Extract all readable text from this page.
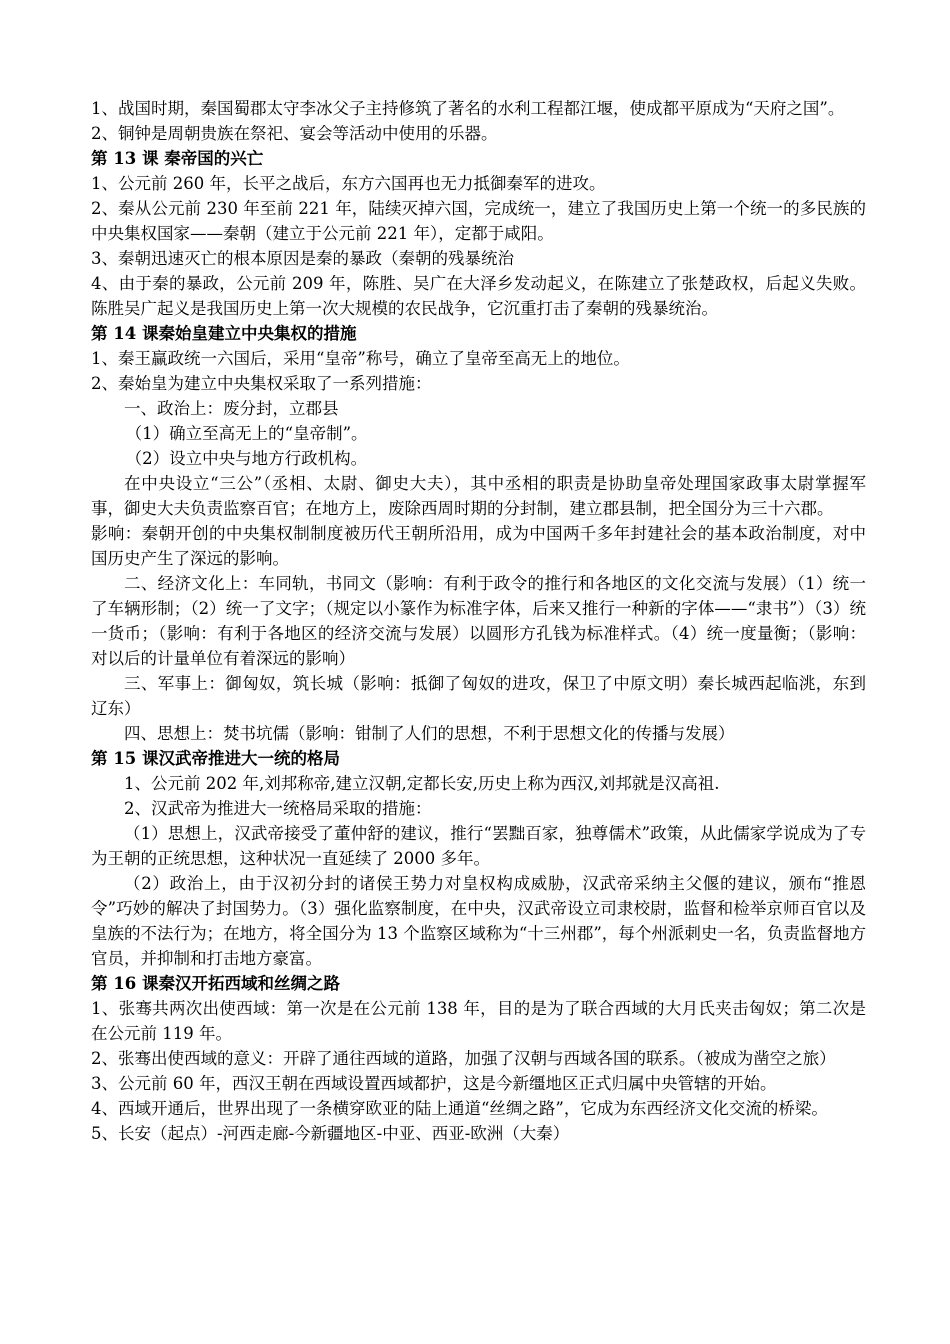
1、战国时期，秦国蜀郡太守李冰父子主持修筑了著名的水利工程都江堰，使成都平原成为“天府之国”。

2、铜钟是周朝贵族在祭祀、宴会等活动中使用的乐器。

第 13 课 秦帝国的兴亡

1、公元前 260 年，长平之战后，东方六国再也无力抵御秦军的进攻。

2、秦从公元前 230 年至前 221 年，陆续灭掉六国，完成统一，建立了我国历史上第一个统一的多民族的中央集权国家——秦朝（建立于公元前 221 年），定都于咸阳。

3、秦朝迅速灭亡的根本原因是秦的暴政（秦朝的残暴统治

4、由于秦的暴政，公元前 209 年，陈胜、吴广在大泽乡发动起义，在陈建立了张楚政权，后起义失败。陈胜吴广起义是我国历史上第一次大规模的农民战争，它沉重打击了秦朝的残暴统治。

第 14 课秦始皇建立中央集权的措施

1、秦王赢政统一六国后，采用“皇帝”称号，确立了皇帝至高无上的地位。

2、秦始皇为建立中央集权采取了一系列措施：

一、政治上：废分封，立郡县

（1）确立至高无上的“皇帝制”。

（2）设立中央与地方行政机构。

在中央设立“三公”（丞相、太尉、御史大夫），其中丞相的职责是协助皇帝处理国家政事太尉掌握军事，御史大夫负责监察百官；在地方上，废除西周时期的分封制，建立郡县制，把全国分为三十六郡。

影响：秦朝开创的中央集权制制度被历代王朝所沿用，成为中国两千多年封建社会的基本政治制度，对中国历史产生了深远的影响。

二、经济文化上：车同轨，书同文（影响：有利于政令的推行和各地区的文化交流与发展）（1）统一了车辆形制；（2）统一了文字；（规定以小篆作为标准字体，后来又推行一种新的字体——“隶书”）（3）统一货币；（影响：有利于各地区的经济交流与发展）以圆形方孔钱为标准样式。（4）统一度量衡；（影响：对以后的计量单位有着深远的影响）

三、军事上：御匈奴，筑长城（影响：抵御了匈奴的进攻，保卫了中原文明）秦长城西起临洮，东到辽东）

四、思想上：焚书坑儒（影响：钳制了人们的思想，不利于思想文化的传播与发展）

第 15 课汉武帝推进大一统的格局

1、公元前 202 年,刘邦称帝,建立汉朝,定都长安,历史上称为西汉,刘邦就是汉高祖.

2、汉武帝为推进大一统格局采取的措施：

（1）思想上，汉武帝接受了董仲舒的建议，推行“罢黜百家，独尊儒术”政策，从此儒家学说成为了专为王朝的正统思想，这种状况一直延续了 2000 多年。

（2）政治上，由于汉初分封的诸侯王势力对皇权构成威胁，汉武帝采纳主父偃的建议，颁布“推恩令”巧妙的解决了封国势力。（3）强化监察制度，在中央，汉武帝设立司隶校尉，监督和检举京师百官以及皇族的不法行为；在地方，将全国分为 13 个监察区域称为“十三州郡”，每个州派刺史一名，负责监督地方官员，并抑制和打击地方豪富。

第 16 课秦汉开拓西域和丝绸之路

1、张骞共两次出使西域：第一次是在公元前 138 年，目的是为了联合西域的大月氏夹击匈奴；第二次是在公元前 119 年。

2、张骞出使西域的意义：开辟了通往西域的道路，加强了汉朝与西域各国的联系。（被成为凿空之旅）

3、公元前 60 年，西汉王朝在西域设置西域都护，这是今新缰地区正式归属中央管辖的开始。

4、西域开通后，世界出现了一条横穿欧亚的陆上通道“丝绸之路”，它成为东西经济文化交流的桥梁。

5、长安（起点）-河西走廊-今新疆地区-中亚、西亚-欧洲（大秦）
